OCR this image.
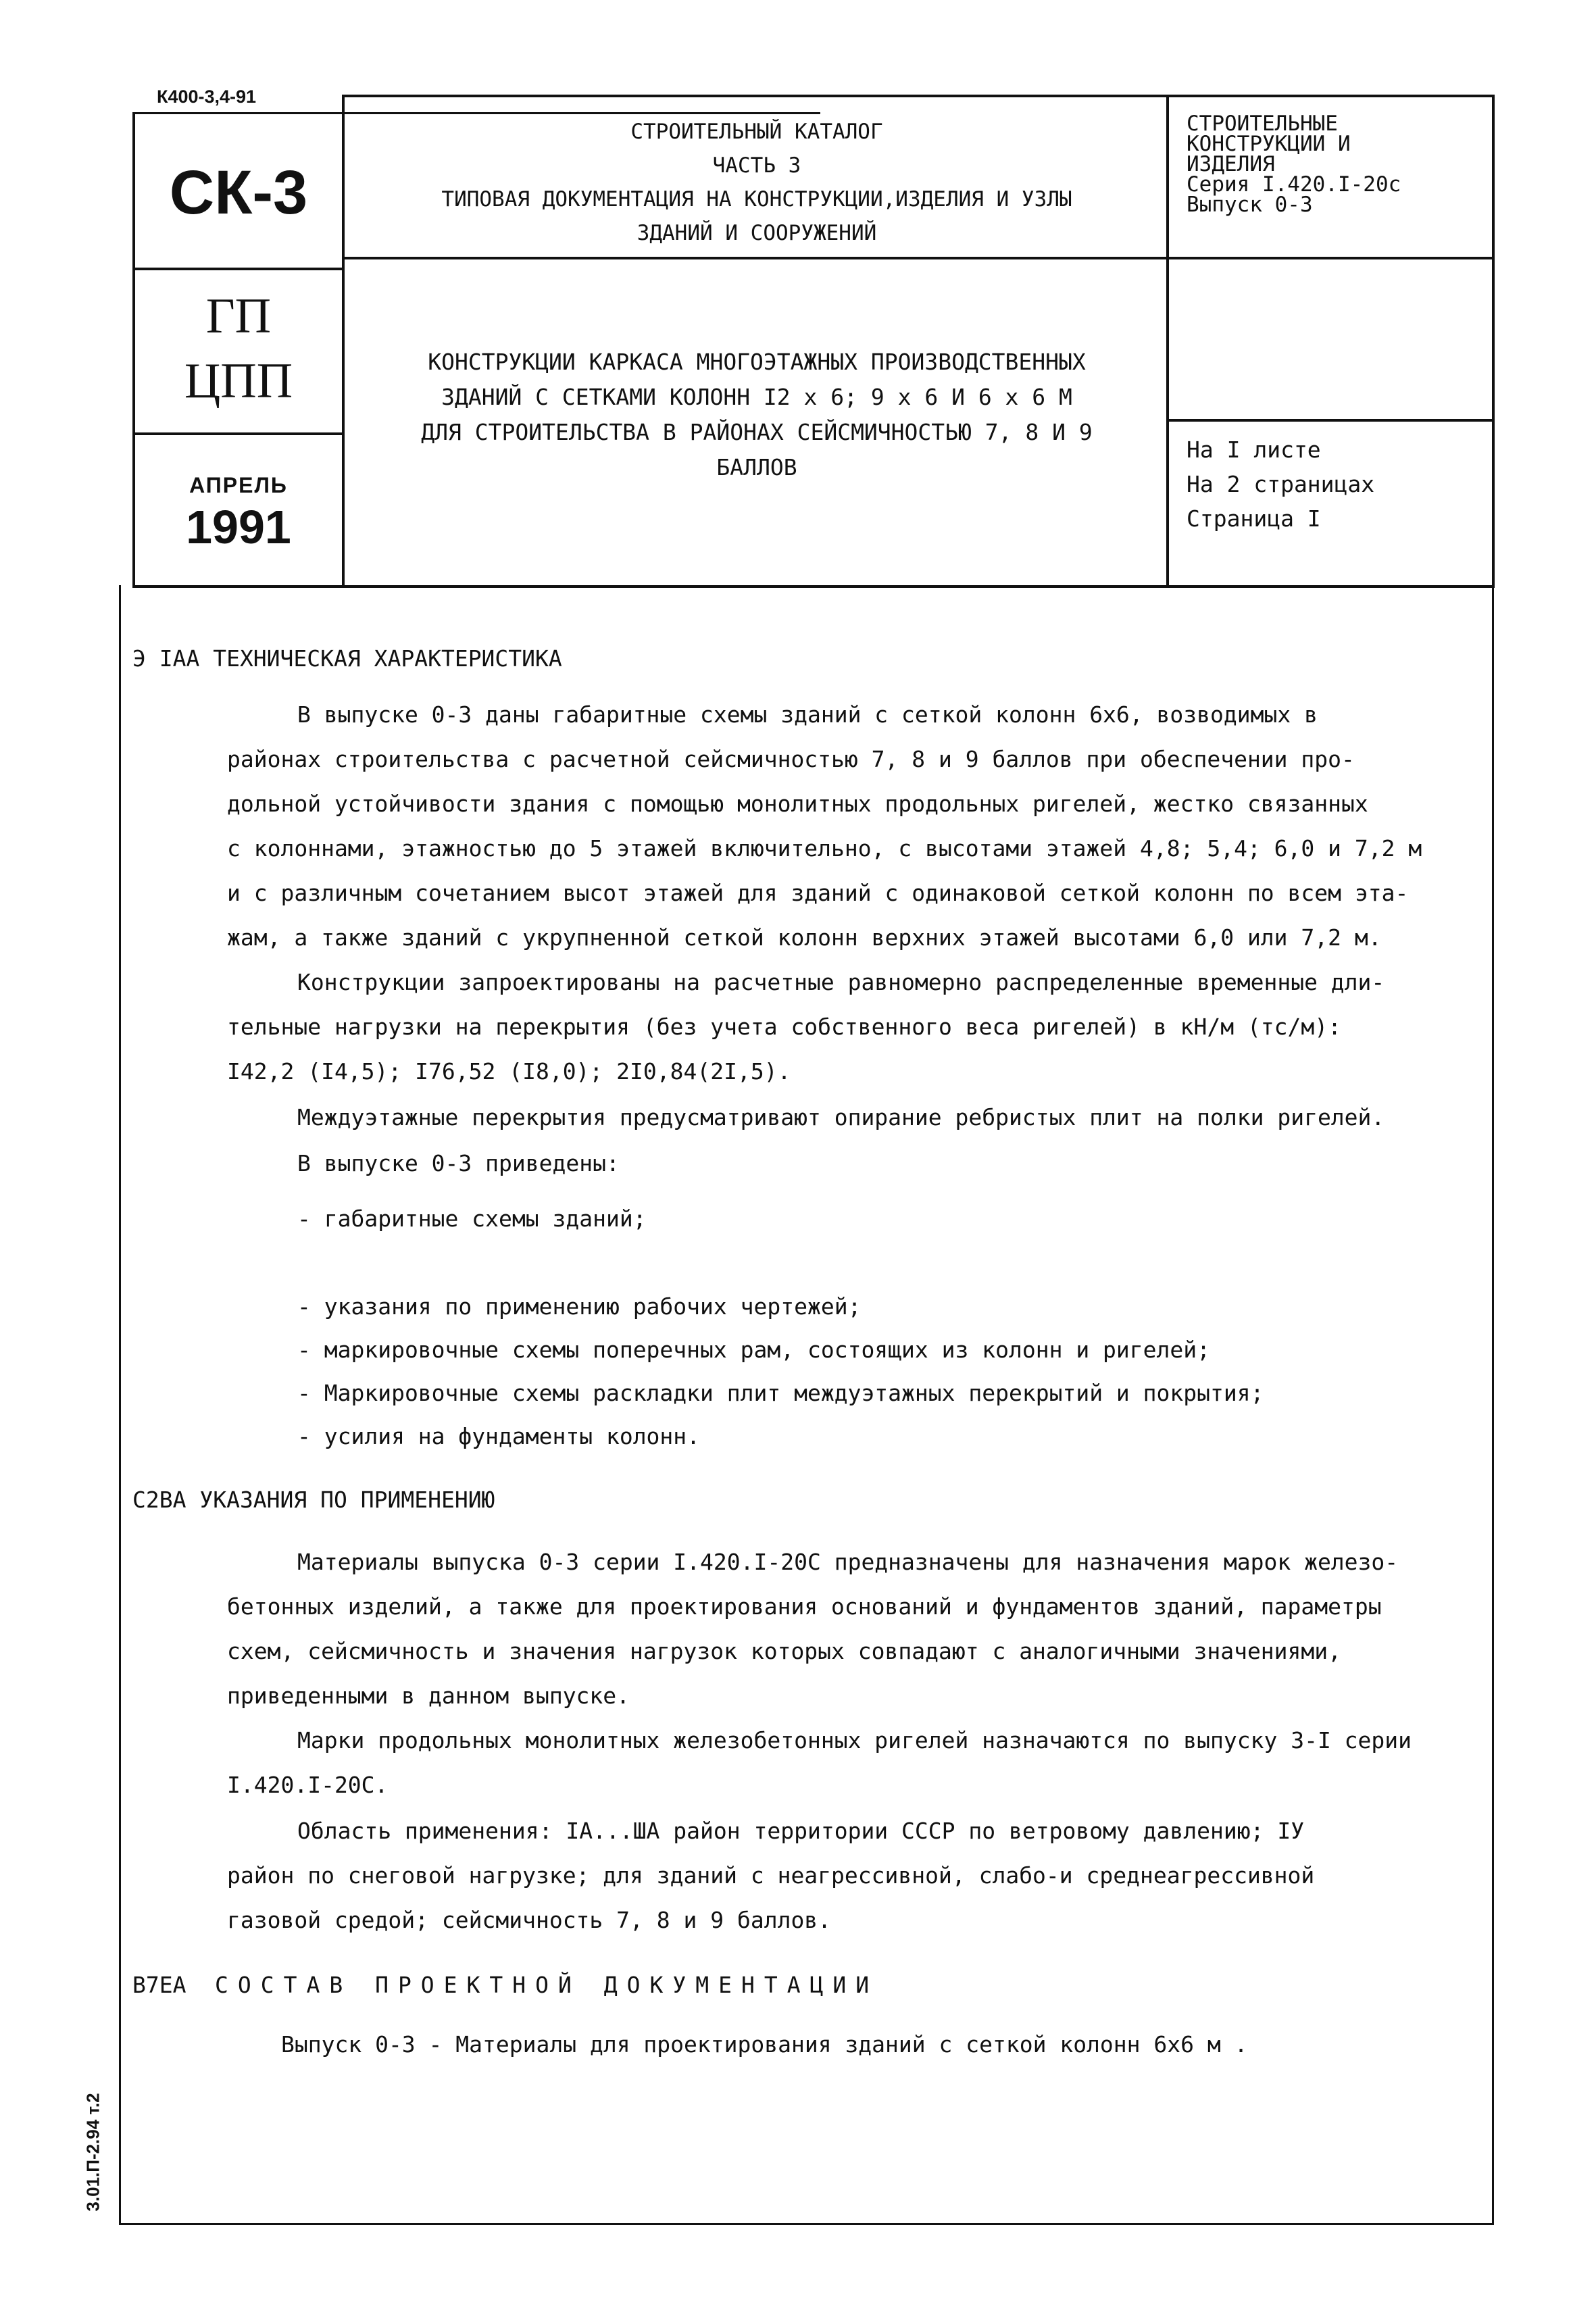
К400-3,4-91
СК-3
ГП
ЦПП
АПРЕЛЬ
1991
СТРОИТЕЛЬНЫЙ КАТАЛОГ
ЧАСТЬ 3
ТИПОВАЯ ДОКУМЕНТАЦИЯ НА КОНСТРУКЦИИ,ИЗДЕЛИЯ И УЗЛЫ
ЗДАНИЙ И СООРУЖЕНИЙ
КОНСТРУКЦИИ КАРКАСА МНОГОЭТАЖНЫХ ПРОИЗВОДСТВЕННЫХ
ЗДАНИЙ С СЕТКАМИ КОЛОНН I2 x 6; 9 x 6 И 6 x 6 М
ДЛЯ СТРОИТЕЛЬСТВА В РАЙОНАХ СЕЙСМИЧНОСТЬЮ 7, 8 И 9
БАЛЛОВ
СТРОИТЕЛЬНЫЕ
КОНСТРУКЦИИ И
ИЗДЕЛИЯ
Серия I.420.I-20с
Выпуск 0-3
На I листе
На 2 страницах
Страница I
Э IАА ТЕХНИЧЕСКАЯ ХАРАКТЕРИСТИКА
В выпуске 0-3 даны габаритные схемы зданий с сеткой колонн 6х6, возводимых в
районах строительства с расчетной сейсмичностью 7, 8 и 9 баллов при обеспечении про-
дольной устойчивости здания с помощью монолитных продольных ригелей, жестко связанных
с колоннами, этажностью до 5 этажей включительно, с высотами этажей 4,8; 5,4; 6,0 и 7,2 м
и с различным сочетанием высот этажей для зданий с одинаковой сеткой колонн по всем эта-
жам, а также зданий с укрупненной сеткой колонн верхних этажей высотами 6,0 или 7,2 м.
Конструкции запроектированы на расчетные равномерно распределенные временные дли-
тельные нагрузки на перекрытия (без учета собственного веса ригелей) в кН/м (тс/м):
I42,2 (I4,5); I76,52 (I8,0); 2I0,84(2I,5).
Междуэтажные перекрытия предусматривают опирание ребристых плит на полки ригелей.
В выпуске 0-3 приведены:
- габаритные схемы зданий;
- указания по применению рабочих чертежей;
- маркировочные схемы поперечных рам, состоящих из колонн и ригелей;
- Маркировочные схемы раскладки плит междуэтажных перекрытий и покрытия;
- усилия на фундаменты колонн.
С2ВА УКАЗАНИЯ ПО ПРИМЕНЕНИЮ
Материалы выпуска 0-3 серии I.420.I-20С предназначены для назначения марок железо-
бетонных изделий, а также для проектирования оснований и фундаментов зданий, параметры
схем, сейсмичность и значения нагрузок которых совпадают с аналогичными значениями,
приведенными в данном выпуске.
Марки продольных монолитных железобетонных ригелей назначаются по выпуску 3-I серии
I.420.I-20С.
Область применения: IА...ША район территории СССР по ветровому давлению; IУ
район по снеговой нагрузке; для зданий с неагрессивной, слабо-и среднеагрессивной
газовой средой; сейсмичность 7, 8 и 9 баллов.
В7ЕА СОСТАВ ПРОЕКТНОЙ ДОКУМЕНТАЦИИ
Выпуск 0-3 - Материалы для проектирования зданий с сеткой колонн 6х6 м .
3.01.П-2.94 т.2
